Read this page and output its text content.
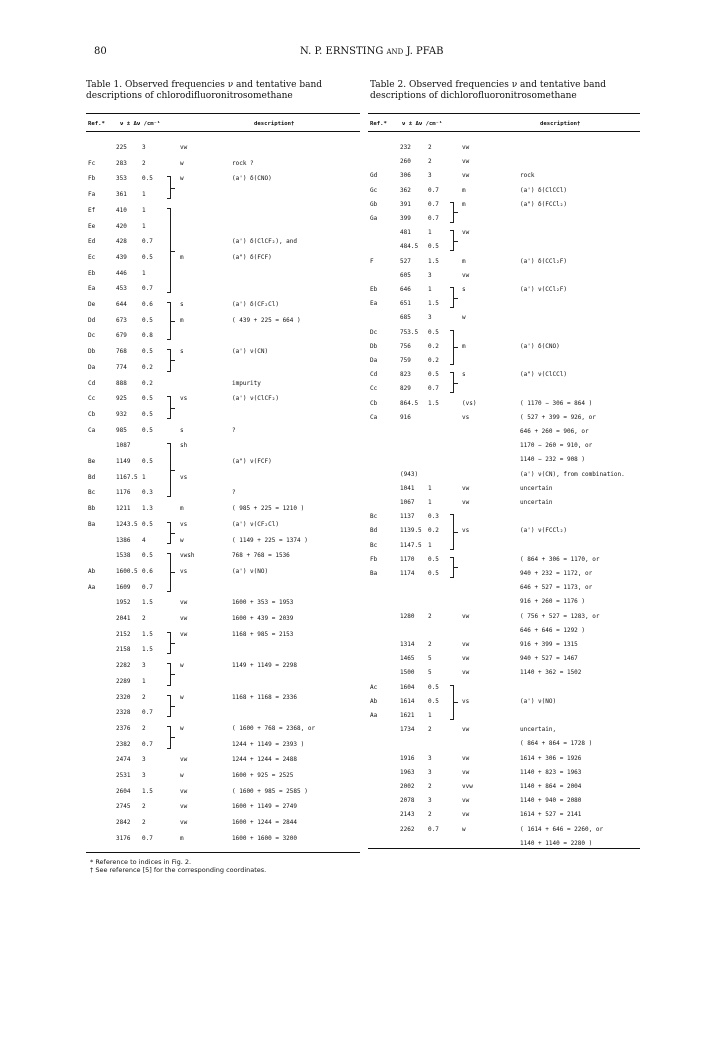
80	N. P. ERNSTING and J. PFAB
Table 1. Observed frequencies ν and tentative band descriptions of chlorodifluoronitrosomethane
Ref.*	ν ± Δν /cm⁻¹	description†
225	3	vw
Fc	283	2	w	rock ?
Fb	353	0.5	w	(a') δ(CNO)
Fa	361	1
Ef	410	1
Ee	420	1
Ed	428	0.7	(a') δ(ClCF₂), and
Ec	439	0.5	m	(a") δ(FCF)
Eb	446	1
Ea	453	0.7
De	644	0.6	s	(a') δ(CF₂Cl)
Dd	673	0.5	m	( 439 + 225 = 664 )
Dc	679	0.8
Db	768	0.5	s	(a') ν(CN)
Da	774	0.2
Cd	888	0.2	impurity
Cc	925	0.5	vs	(a') ν(ClCF₂)
Cb	932	0.5
Ca	985	0.5	s	?
1087	sh
Be	1149 0.5	(a") ν(FCF)
Bd	1167.5 1	vs
Bc	1176 0.3	?
Bb	1211 1.3	m	( 985 + 225 = 1210 )
Ba	1243.5 0.5	vs	(a') ν(CF₂Cl)
1386 4	w	( 1149 + 225 = 1374 )
1538 0.5	vwsh	768 + 768 = 1536
Ab	1600.5 0.6	vs	(a') ν(NO)
Aa	1609 0.7
1952 1.5	vw	1600 + 353 = 1953
2041 2	vw	1600 + 439 = 2039
2152 1.5	vw	1168 + 985 = 2153
2158 1.5
2282 3	w	1149 + 1149 = 2298
2289 1
2320 2	w	1168 + 1168 = 2336
2328 0.7
2376 2	w	( 1600 + 768 = 2368, or
2382 0.7	1244 + 1149 = 2393 )
2474 3	vw	1244 + 1244 = 2488
2531 3	w	1600 + 925 = 2525
2604 1.5	vw	( 1600 + 985 = 2585 )
2745 2	vw	1600 + 1149 = 2749
2842 2	vw	1600 + 1244 = 2844
3176 0.7	m	1600 + 1600 = 3200
* Reference to indices in Fig. 2.
† See reference [5] for the corresponding coordinates.
Table 2. Observed frequencies ν and tentative band descriptions of dichlorofluoronitrosomethane
Ref.*	ν ± Δν /cm⁻¹	description†
232	2	vw
260	2	vw
Gd	306	3	vw	rock
Gc	362	0.7	m	(a') δ(ClCCl)
Gb	391	0.7	m	(a") δ(FCCl₂)
Ga	399	0.7
481	1	vw
484.5 0.5
F	527	1.5	m	(a') δ(CCl₂F)
605	3	vw
Eb	646	1	s	(a') ν(CCl₂F)
Ea	651	1.5
685	3	w
Dc	753.5 0.5
Db	756	0.2	m	(a') δ(CNO)
Da	759	0.2
Cd	823	0.5	s	(a") ν(ClCCl)
Cc	829	0.7
Cb	864.5 1.5	(vs)	( 1170 − 306 = 864 )
Ca	916	vs	( 527 + 399 = 926, or
646 + 260 = 906, or
1170 − 260 = 910, or
1140 − 232 = 908 )
(943)	(a') ν(CN), from combination.
1041 1	vw	uncertain
1067 1	vw	uncertain
Bc	1137 0.3
Bd	1139.5 0.2	vs	(a') ν(FCCl₂)
Bc	1147.5 1
Fb	1170 0.5	( 864 + 306 = 1170, or
Ba	1174 0.5	940 + 232 = 1172, or
646 + 527 = 1173, or
916 + 260 = 1176 )
1280 2	vw	( 756 + 527 = 1283, or
646 + 646 = 1292 )
1314 2	vw	916 + 399 = 1315
1465 5	vw	940 + 527 = 1467
1500 5	vw	1140 + 362 = 1502
Ac	1604 0.5
Ab	1614 0.5	vs	(a') ν(NO)
Aa	1621 1
1734 2	vw	uncertain,
( 864 + 864 = 1728 )
1916 3	vw	1614 + 306 = 1926
1963 3	vw	1140 + 823 = 1963
2002 2	vvw	1140 + 864 = 2004
2078 3	vw	1140 + 940 = 2080
2143 2	vw	1614 + 527 = 2141
2262 0.7	w	( 1614 + 646 = 2260, or
1140 + 1140 = 2280 )
